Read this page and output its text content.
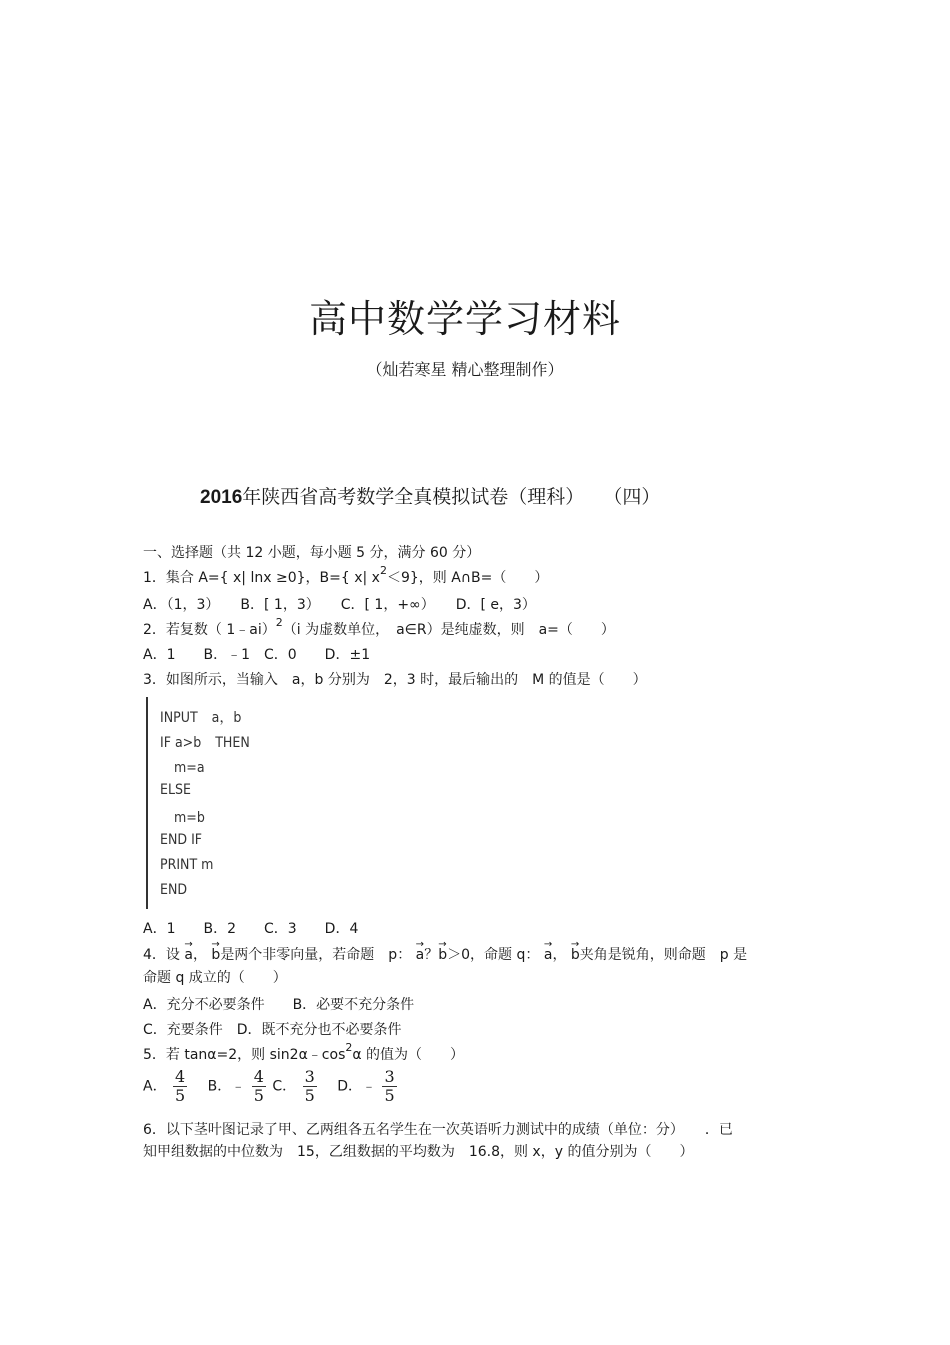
高中数学学习材料
（灿若寒星 精心整理制作）
2016年陕西省高考数学全真模拟试卷（理科）　　 （四）
一、选择题（共 12 小题，每小题 5 分，满分 60 分）
1．集合 A={ x| lnx ≥0}，B={ x| $x^2<9$}，则 A∩B=（　　）
A．（1，3）　　B．[ 1，3）　　C．[ 1，+∞）　　D．[ e，3）
2．若复数（ 1﹣ai）$^2$（i 为虚数单位，　a∈R）是纯虚数，则　a=（　　）
A．1　　B．﹣1　C．0　　D．±1
3．如图所示，当输入　a，b 分别为　2，3 时，最后输出的　M 的值是（　　）
INPUT　a，b
IF a>b　THEN
　m=a
ELSE
　m=b
END IF
PRINT m
END
A．1　　B．2　　C．3　　D．4
4．设 → a， → b是两个非零向量，若命题　p： → a？→ b＞0，命题 q： → a， → b夹角是锐角，则命题　p 是
命题 q 成立的（　　）
A．充分不必要条件　　B．必要不充分条件
C．充要条件　D．既不充分也不必要条件
5．若 tanα=2，则 $\sin 2\alpha﹣\cos^2\alpha$ 的值为（　　）
A． $\frac{4}{5}$
　 B．﹣ $\frac{4}{5}$ C． $\frac{3}{5}$
　 D．﹣ $\frac{3}{5}$
6．以下茎叶图记录了甲、乙两组各五名学生在一次英语听力测试中的成绩（单位：分）　　．已
知甲组数据的中位数为　15，乙组数据的平均数为　16.8，则 x，y 的值分别为（　　）
